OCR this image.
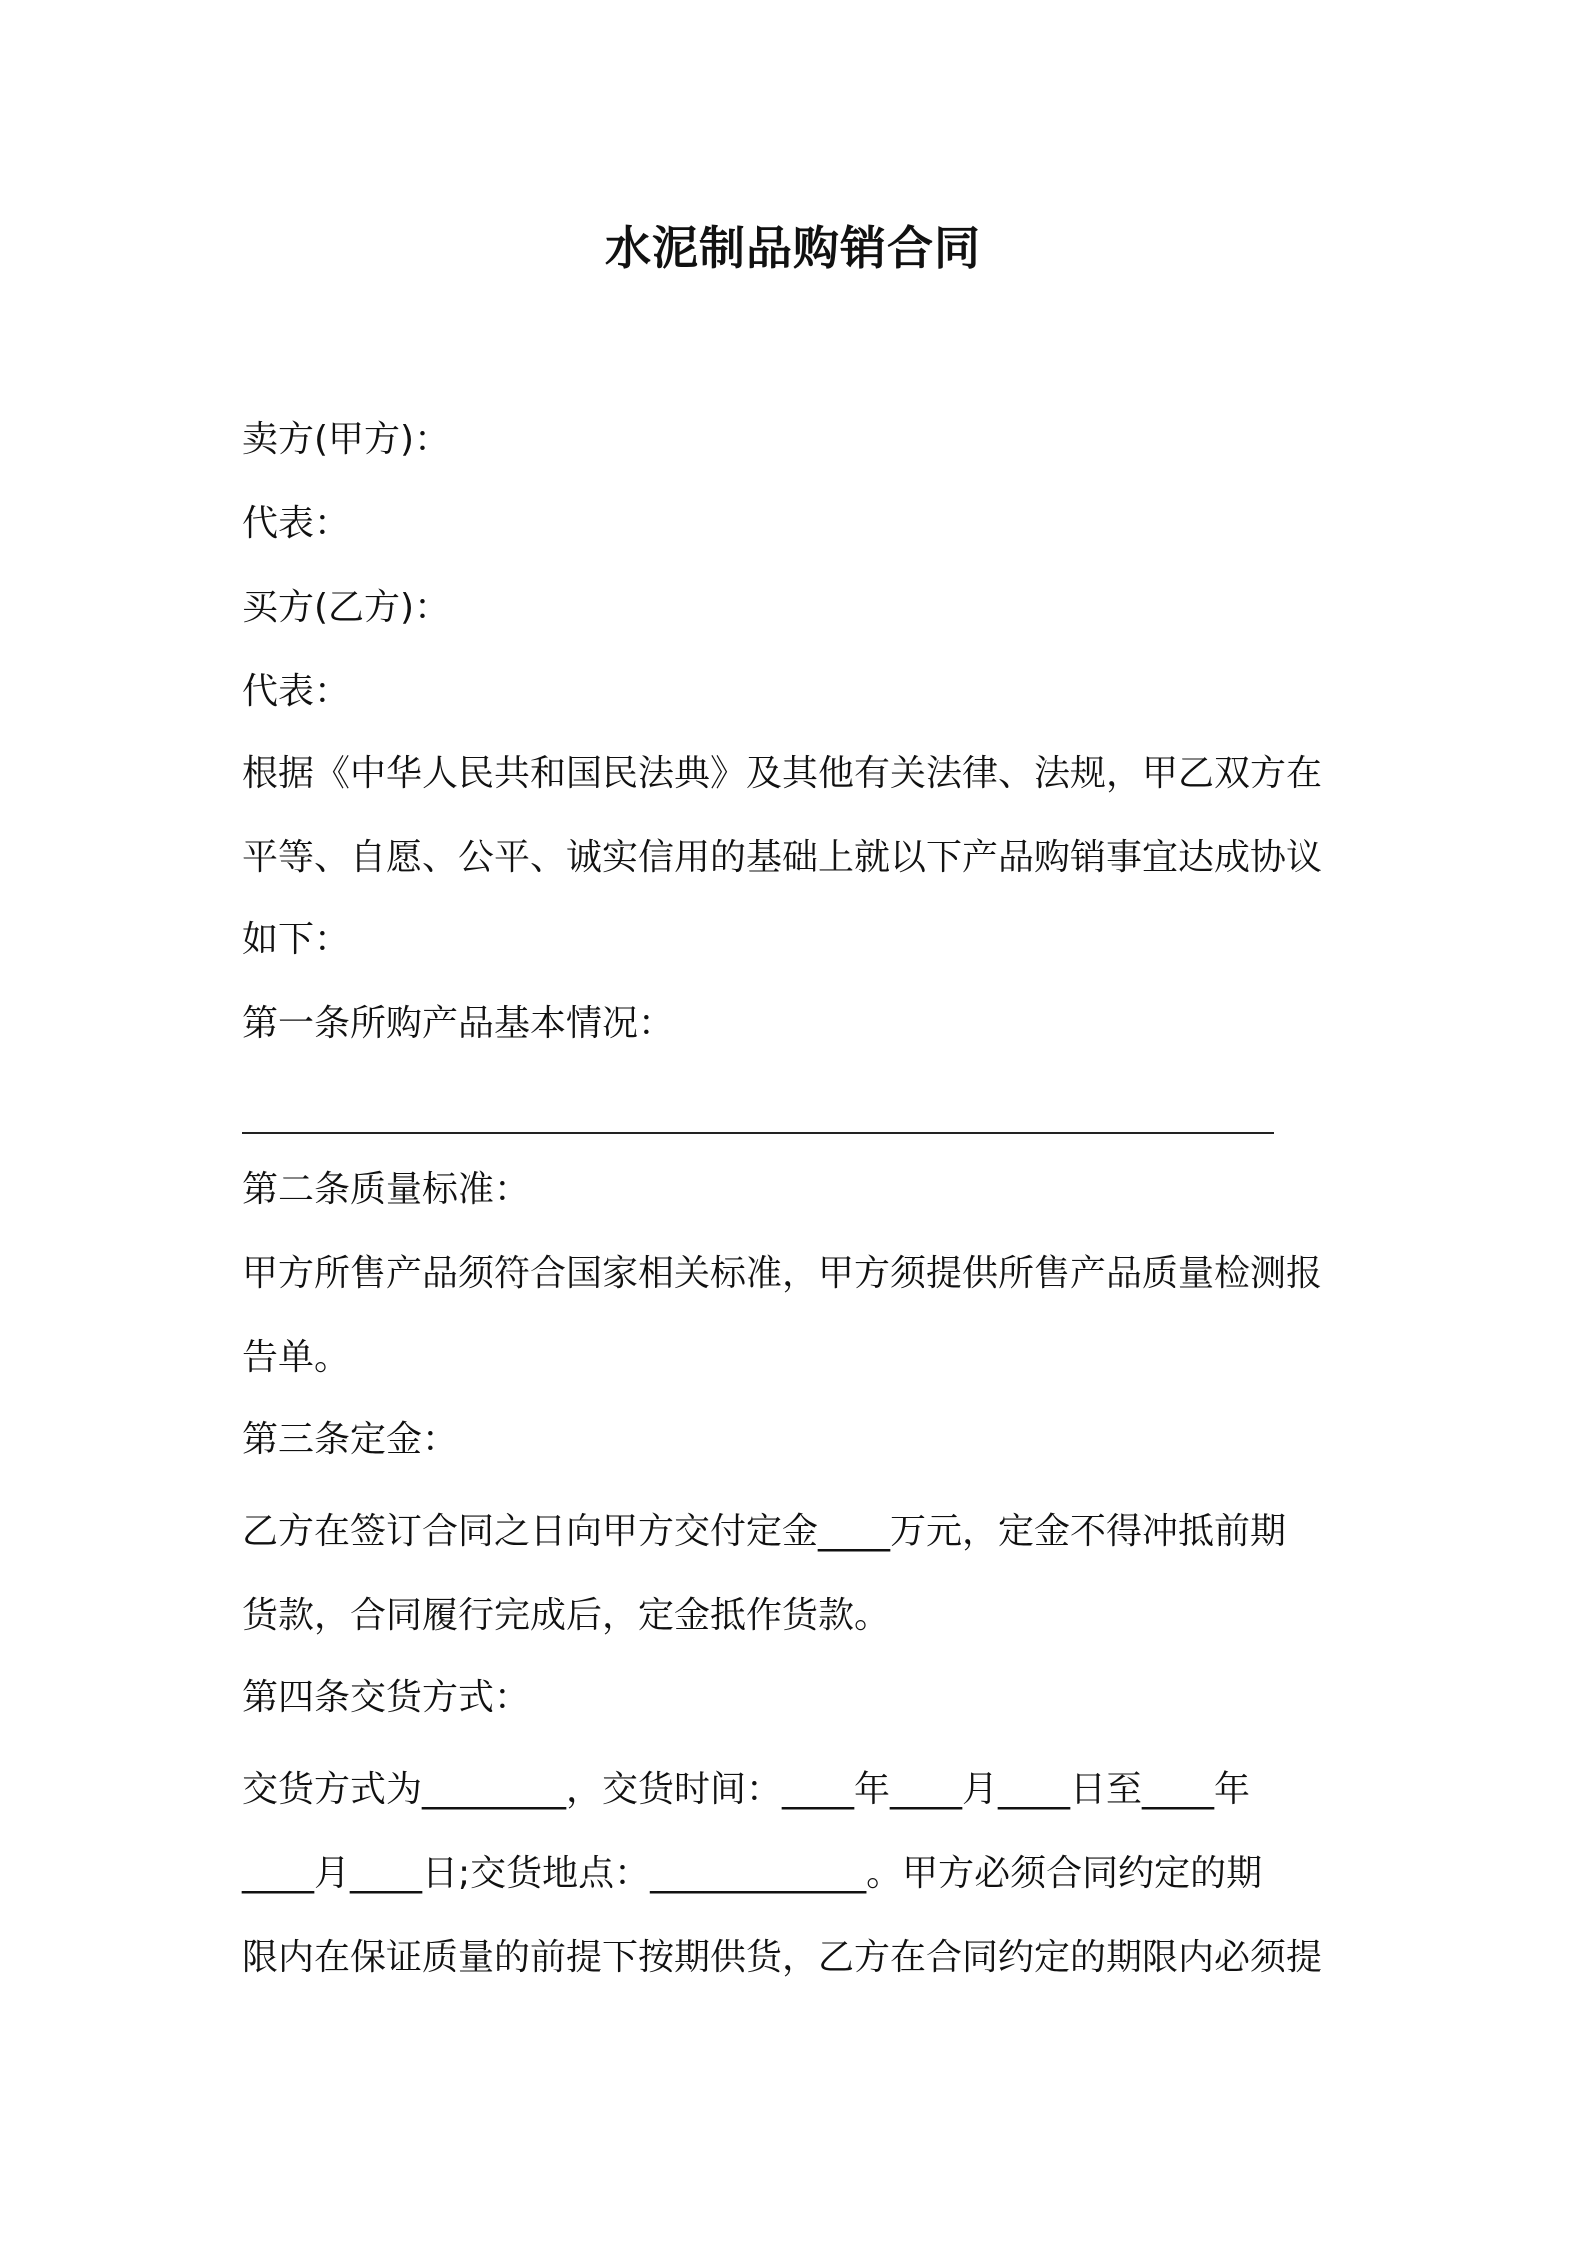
水泥制品购销合同
卖方(甲方)：
代表：
买方(乙方)：
代表：
根据《中华人民共和国民法典》及其他有关法律、法规，甲乙双方在
平等、自愿、公平、诚实信用的基础上就以下产品购销事宜达成协议
如下：
第一条所购产品基本情况：
第二条质量标准：
甲方所售产品须符合国家相关标准，甲方须提供所售产品质量检测报
告单。
第三条定金：
乙方在签订合同之日向甲方交付定金____万元，定金不得冲抵前期
货款，合同履行完成后，定金抵作货款。
第四条交货方式：
交货方式为________，交货时间：____年____月____日至____年
____月____日;交货地点：____________。甲方必须合同约定的期
限内在保证质量的前提下按期供货，乙方在合同约定的期限内必须提
